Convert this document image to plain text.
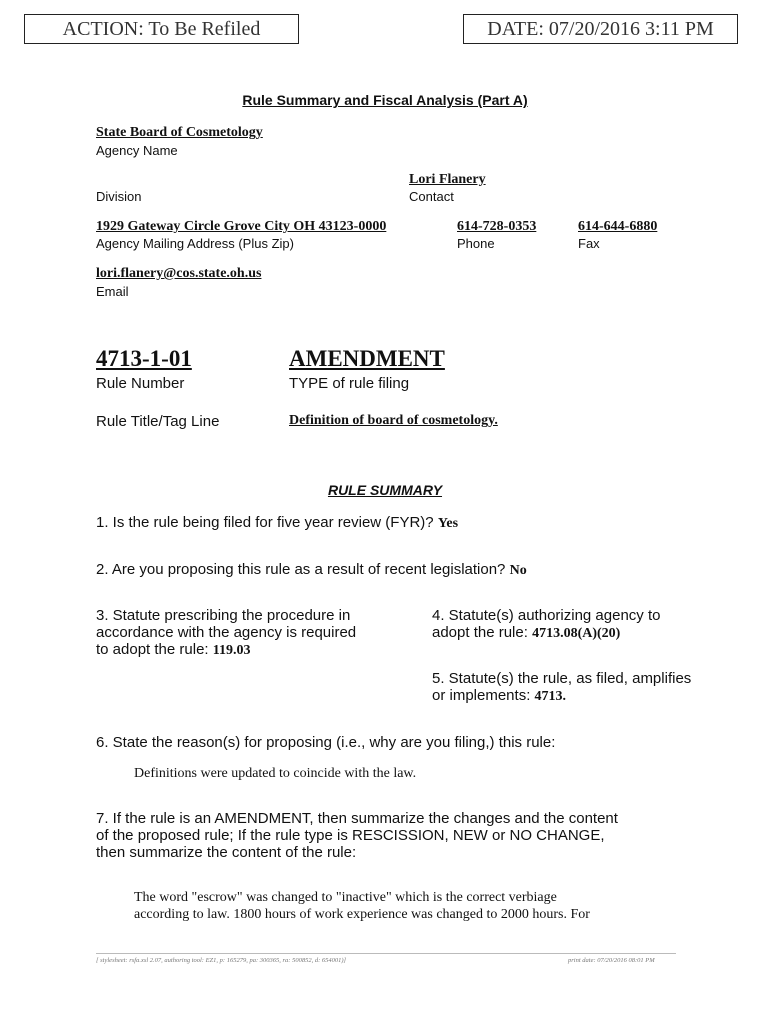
ACTION: To Be Refiled	DATE: 07/20/2016 3:11 PM
Rule Summary and Fiscal Analysis (Part A)
State Board of Cosmetology
Agency Name
Lori Flanery
Division	Contact
1929 Gateway Circle Grove City OH 43123-0000	614-728-0353	614-644-6880
Agency Mailing Address (Plus Zip)	Phone	Fax
lori.flanery@cos.state.oh.us
Email
4713-1-01	AMENDMENT
Rule Number	TYPE of rule filing
Rule Title/Tag Line	Definition of board of cosmetology.
RULE SUMMARY
1. Is the rule being filed for five year review (FYR)? Yes
2. Are you proposing this rule as a result of recent legislation? No
3. Statute prescribing the procedure in
accordance with the agency is required
to adopt the rule: 119.03
4. Statute(s) authorizing agency to
adopt the rule: 4713.08(A)(20)
5. Statute(s) the rule, as filed, amplifies
or implements: 4713.
6. State the reason(s) for proposing (i.e., why are you filing,) this rule:
Definitions were updated to coincide with the law.
7. If the rule is an AMENDMENT, then summarize the changes and the content
of the proposed rule; If the rule type is RESCISSION, NEW or NO CHANGE,
then summarize the content of the rule:
The word "escrow" was changed to "inactive" which is the correct verbiage
according to law. 1800 hours of work experience was changed to 2000 hours. For
[ stylesheet: rsfa.xsl 2.07, authoring tool: EZ1, p: 165279, pa: 300365, ra: 500852, d: 654001)]	print date: 07/20/2016 08:01 PM
